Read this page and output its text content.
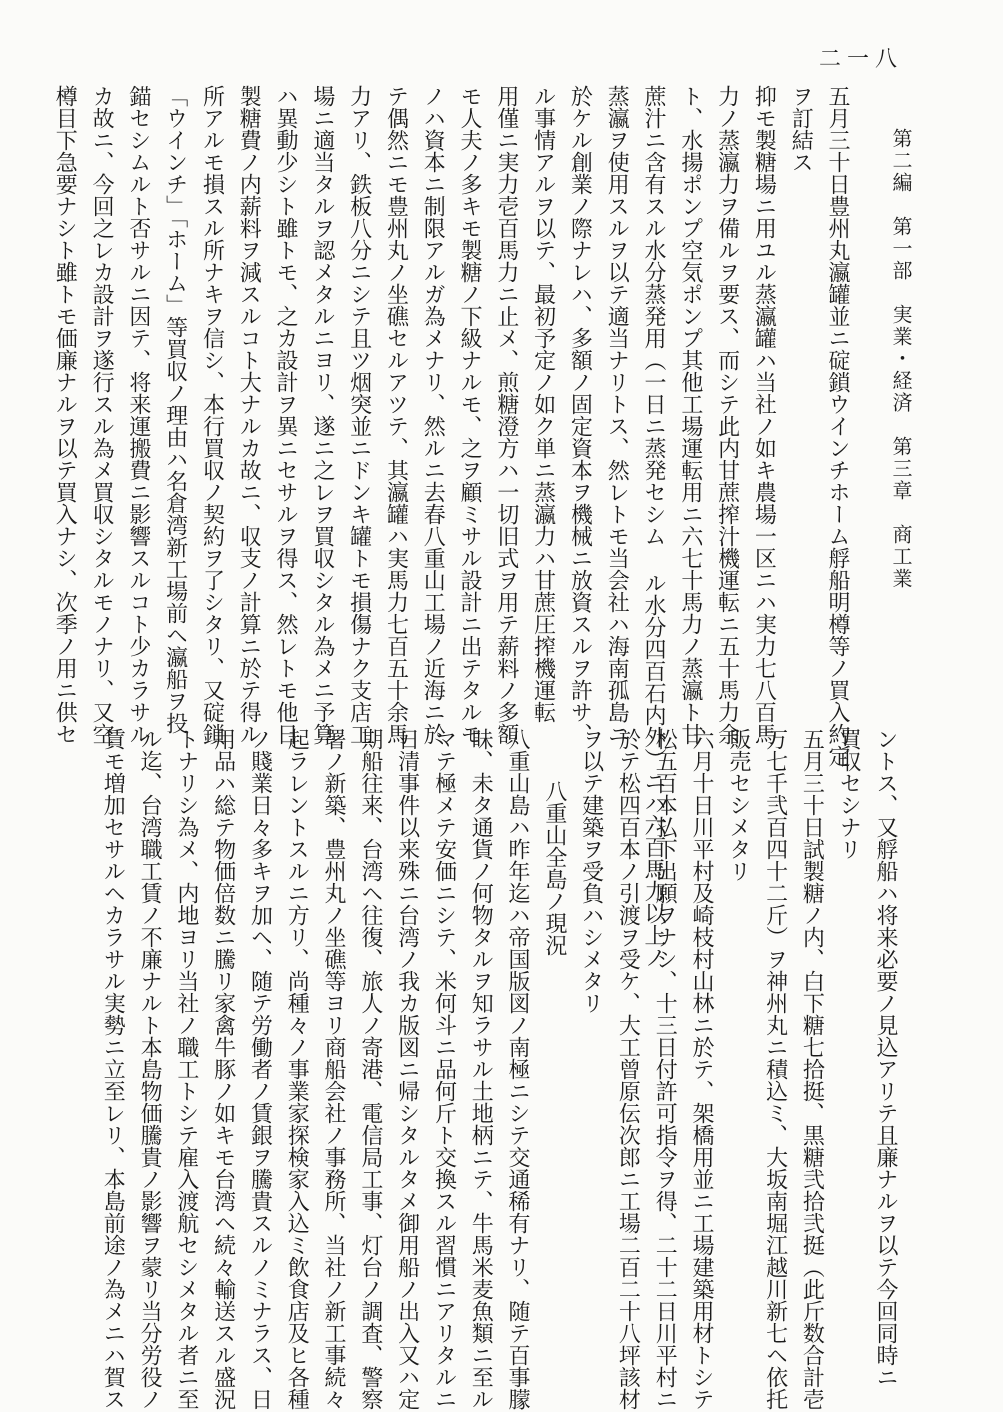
二一八
第二編第一部実業・経済第三章商工業
五月三十日豊州丸瀛罐並ニ碇鎖ウインチホーム艀船明樽等ノ買入約定
ヲ訂結ス
抑モ製糖場ニ用ユル蒸瀛罐ハ当社ノ如キ農場一区ニハ実力七八百馬
力ノ蒸瀛力ヲ備ルヲ要ス、而シテ此内甘蔗搾汁機運転ニ五十馬力余
ト、水揚ポンプ空気ポンプ其他工場運転用ニ六七十馬力ノ蒸瀛ト甘
蔗汁ニ含有スル水分蒸発用（一日ニ蒸発セシム ル水分四百石内外）ニハ六百馬力以上ノ
蒸瀛ヲ使用スルヲ以テ適当ナリトス、然レトモ当会社ハ海南孤島ニ
於ケル創業ノ際ナレハ、多額ノ固定資本ヲ機械ニ放資スルヲ許サ、
ル事情アルヲ以テ、最初予定ノ如ク単ニ蒸瀛力ハ甘蔗圧搾機運転
用僅ニ実力壱百馬力ニ止メ、煎糖澄方ハ一切旧式ヲ用テ薪料ノ多額
モ人夫ノ多キモ製糖ノ下級ナルモ、之ヲ顧ミサル設計ニ出テタルモ
ノハ資本ニ制限アルガ為メナリ、然ルニ去春八重山工場ノ近海ニ於
テ偶然ニモ豊州丸ノ坐礁セルアツテ、其瀛罐ハ実馬力七百五十余馬
力アリ、鉄板八分ニシテ且ツ烟突並ニドンキ罐トモ損傷ナク支店工
場ニ適当タルヲ認メタルニヨリ、遂ニ之レヲ買収シタル為メニ予算
ハ異動少シト雖トモ、之カ設計ヲ異ニセサルヲ得ス、然レトモ他日
製糖費ノ内薪料ヲ減スルコト大ナルカ故ニ、収支ノ計算ニ於テ得ル
所アルモ損スル所ナキヲ信シ、本行買収ノ契約ヲ了シタリ、又碇鎖
「ウインチ」「ホーム」等買収ノ理由ハ名倉湾新工場前ヘ瀛船ヲ投
錨セシムルト否サルニ因テ、将来運搬費ニ影響スルコト少カラサル
カ故ニ、今回之レカ設計ヲ遂行スル為メ買収シタルモノナリ、又空
樽目下急要ナシト雖トモ価廉ナルヲ以テ買入ナシ、次季ノ用ニ供セ
ントス、又艀船ハ将来必要ノ見込アリテ且廉ナルヲ以テ今回同時ニ
買収セシナリ
五月三十日試製糖ノ内、白下糖七拾挺、黒糖弐拾弐挺（此斤数合計壱
万七千弐百四十二斤）ヲ神州丸ニ積込ミ、大坂南堀江越川新七ヘ依托
販売セシメタリ
六月十日川平村及崎枝村山林ニ於テ、架橋用並ニ工場建築用材トシテ
松五百本払下出願ヲナシ、十三日付許可指令ヲ得、二十二日川平村ニ
於テ松四百本ノ引渡ヲ受ケ、大工曾原伝次郎ニ工場二百二十八坪該材
ヲ以テ建築ヲ受負ハシメタリ
八重山全島ノ現況
八重山島ハ昨年迄ハ帝国版図ノ南極ニシテ交通稀有ナリ、随テ百事朦
昧、未タ通貨ノ何物タルヲ知ラサル土地柄ニテ、牛馬米麦魚類ニ至ル
マテ極メテ安価ニシテ、米何斗ニ品何斤ト交換スル習慣ニアリタルニ
日清事件以来殊ニ台湾ノ我カ版図ニ帰シタルタメ御用船ノ出入又ハ定
期船往来、台湾ヘ往復、旅人ノ寄港、電信局工事、灯台ノ調査、警察
署ノ新築、豊州丸ノ坐礁等ヨリ商船会社ノ事務所、当社ノ新工事続々
起ラレントスルニ方リ、尚種々ノ事業家探検家入込ミ飲食店及ヒ各種
ノ賤業日々多キヲ加ヘ、随テ労働者ノ賃銀ヲ騰貴スルノミナラス、日
用品ハ総テ物価倍数ニ騰リ家禽牛豚ノ如キモ台湾ヘ続々輸送スル盛況
トナリシ為メ、内地ヨリ当社ノ職工トシテ雇入渡航セシメタル者ニ至
ル迄、台湾職工賃ノ不廉ナルト本島物価騰貴ノ影響ヲ蒙リ当分労役ノ
賃モ増加セサルヘカラサル実勢ニ立至レリ、本島前途ノ為メニハ賀ス
